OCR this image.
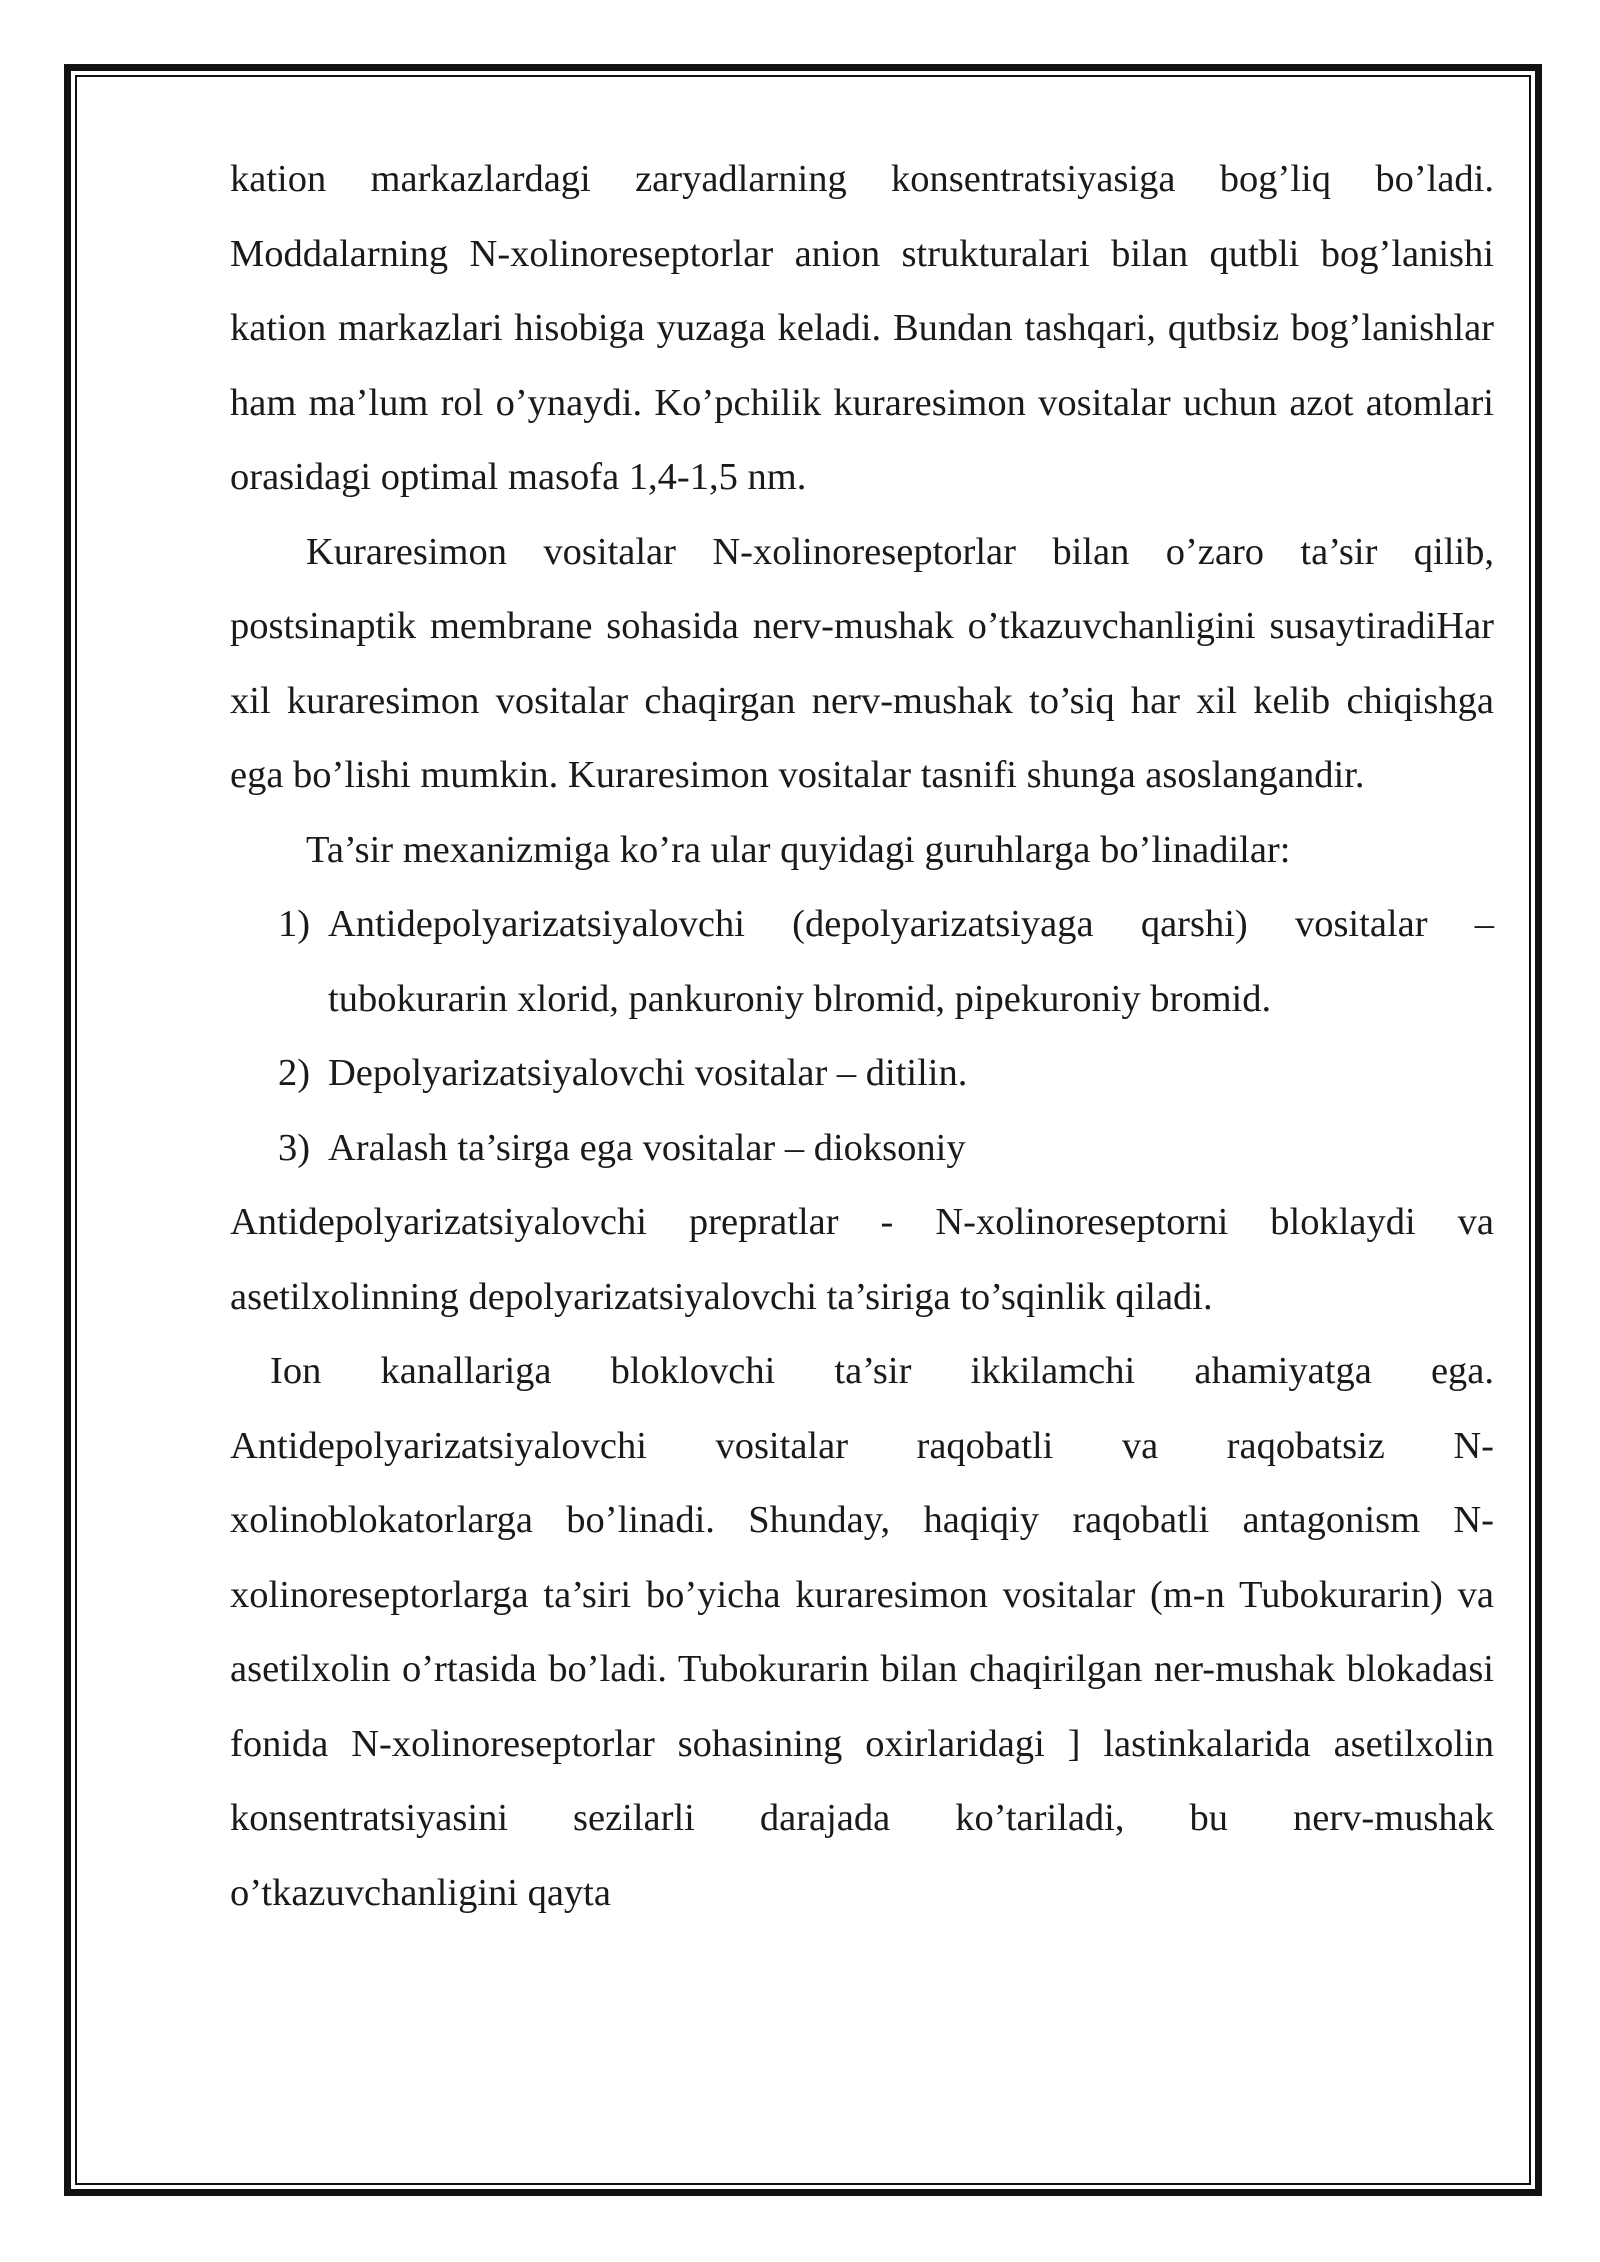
kation markazlardagi zaryadlarning konsentratsiyasiga bog’liq bo’ladi. Moddalarning N-xolinoreseptorlar anion strukturalari bilan qutbli bog’lanishi kation markazlari hisobiga yuzaga keladi. Bundan tashqari, qutbsiz bog’lanishlar ham ma’lum rol o’ynaydi. Ko’pchilik kuraresimon vositalar uchun azot atomlari orasidagi optimal masofa 1,4-1,5 nm.

Kuraresimon vositalar N-xolinoreseptorlar bilan o’zaro ta’sir qilib, postsinaptik membrane sohasida nerv-mushak o’tkazuvchanligini susaytiradiHar xil kuraresimon vositalar chaqirgan nerv-mushak to’siq har xil kelib chiqishga ega bo’lishi mumkin. Kuraresimon vositalar tasnifi shunga asoslangandir.

Ta’sir mexanizmiga ko’ra ular quyidagi guruhlarga bo’linadilar:

1) Antidepolyarizatsiyalovchi (depolyarizatsiyaga qarshi) vositalar – tubokurarin xlorid, pankuroniy blromid, pipekuroniy bromid.
2) Depolyarizatsiyalovchi vositalar – ditilin.
3) Aralash ta’sirga ega vositalar – dioksoniy

Antidepolyarizatsiyalovchi prepratlar - N-xolinoreseptorni bloklaydi va asetilxolinning depolyarizatsiyalovchi ta’siriga to’sqinlik qiladi.

Ion kanallariga bloklovchi ta’sir ikkilamchi ahamiyatga ega. Antidepolyarizatsiyalovchi vositalar raqobatli va raqobatsiz N-xolinoblokatorlarga bo’linadi. Shunday, haqiqiy raqobatli antagonism N-xolinoreseptorlarga ta’siri bo’yicha kuraresimon vositalar (m-n Tubokurarin) va asetilxolin o’rtasida bo’ladi. Tubokurarin bilan chaqirilgan ner​-mushak blokadasi fonida N-xolinoreseptorlar sohasining oxirlaridagi ] lastinkalarida asetilxolin konsentratsiyasini sezilarli darajada ko’tariladi, bu nerv-mushak o’tkazuvchanligini qayta
